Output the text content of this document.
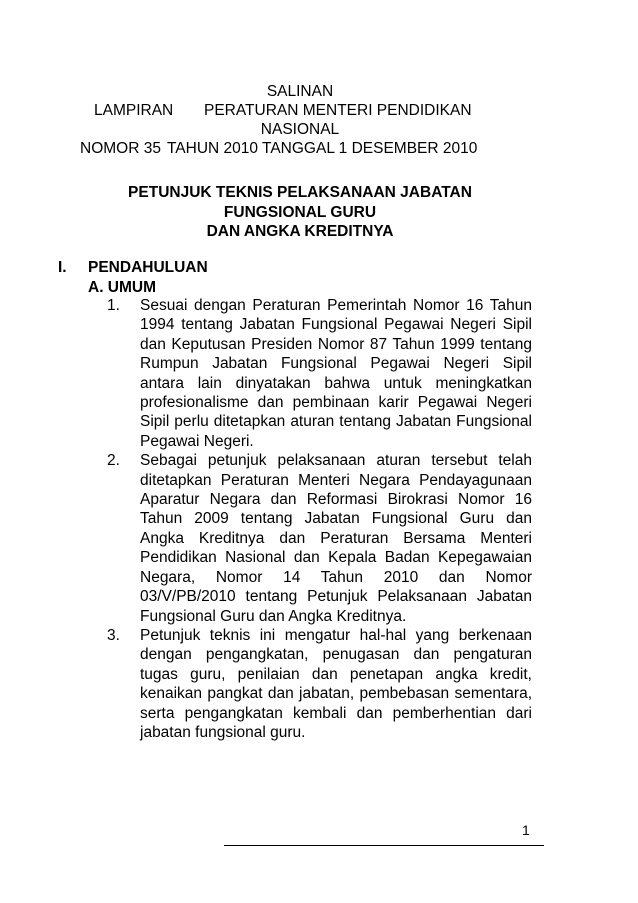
SALINAN
LAMPIRAN PERATURAN MENTERI PENDIDIKAN
NASIONAL
NOMOR 35 TAHUN 2010 TANGGAL 1 DESEMBER 2010
PETUNJUK TEKNIS PELAKSANAAN JABATAN
FUNGSIONAL GURU
DAN ANGKA KREDITNYA
I.	PENDAHULUAN
A. UMUM
1. Sesuai dengan Peraturan Pemerintah Nomor 16 Tahun 1994 tentang Jabatan Fungsional Pegawai Negeri Sipil dan Keputusan Presiden Nomor 87 Tahun 1999 tentang Rumpun Jabatan Fungsional Pegawai Negeri Sipil antara lain dinyatakan bahwa untuk meningkatkan profesionalisme dan pembinaan karir Pegawai Negeri Sipil perlu ditetapkan aturan tentang Jabatan Fungsional Pegawai Negeri.
2. Sebagai petunjuk pelaksanaan aturan tersebut telah ditetapkan Peraturan Menteri Negara Pendayagunaan Aparatur Negara dan Reformasi Birokrasi Nomor 16 Tahun 2009 tentang Jabatan Fungsional Guru dan Angka Kreditnya dan Peraturan Bersama Menteri Pendidikan Nasional dan Kepala Badan Kepegawaian Negara, Nomor 14 Tahun 2010 dan Nomor 03/V/PB/2010 tentang Petunjuk Pelaksanaan Jabatan Fungsional Guru dan Angka Kreditnya.
3. Petunjuk teknis ini mengatur hal-hal yang berkenaan dengan pengangkatan, penugasan dan pengaturan tugas guru, penilaian dan penetapan angka kredit, kenaikan pangkat dan jabatan, pembebasan sementara, serta pengangkatan kembali dan pemberhentian dari jabatan fungsional guru.
1
